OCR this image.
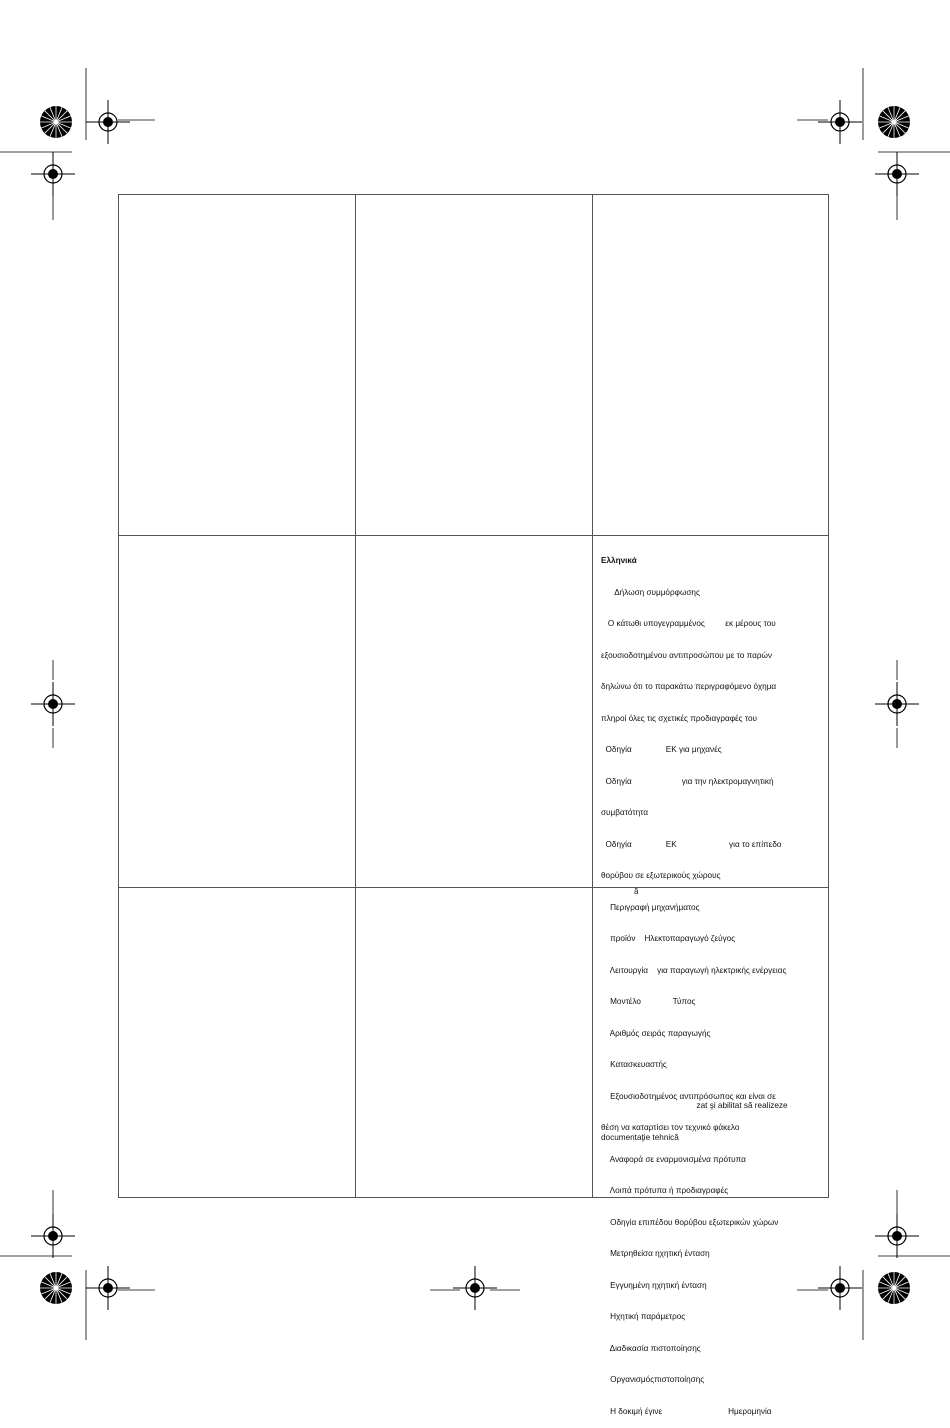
Ελληνικά

Δήλωση συμμόρφωσης

Ο κάτωθι υπογεγραμμένος         εκ μέρους του

εξουσιοδοτημένου αντιπροσώπου με το παρών

δηλώνω ότι το παρακάτω περιγραφόμενο όχημα

πληροί όλες τις σχετικές προδιαγραφές του

Οδηγία               ΕΚ για μηχανές

Οδηγία                      για την ηλεκτρομαγνητική

συμβατότητα

Οδηγία               ΕΚ                       για το επίπεδο

θορύβου σε εξωτερικούς χώρους

Περιγραφή μηχανήματος

προϊόν    Ηλεκτοπαραγωγό ζεύγος

Λειτουργία    για παραγωγή ηλεκτρικής ενέργειας

Μοντέλο              Τύπος

Αριθμός σειράς παραγωγής

Κατασκευαστής

Εξουσιοδοτημένος αντιπρόσωπος και είναι σε

θέση να καταρτίσει τον τεχνικό φάκελο

Αναφορά σε εναρμονισμένα πρότυπα

Λοιπά πρότυπα ή προδιαγραφές

Οδηγία επιπέδου θορύβου εξωτερικών χώρων

Μετρηθείσα ηχητική ένταση

Εγγυημένη ηχητική ένταση

Ηχητική παράμετρος

Διαδικασία πιστοποίησης

Οργανισμόςπιστοποίησης

Η δοκιμή έγινε                             Ημερομηνία

ă

zat şi abilitat să realizeze

documentaţie tehnică
